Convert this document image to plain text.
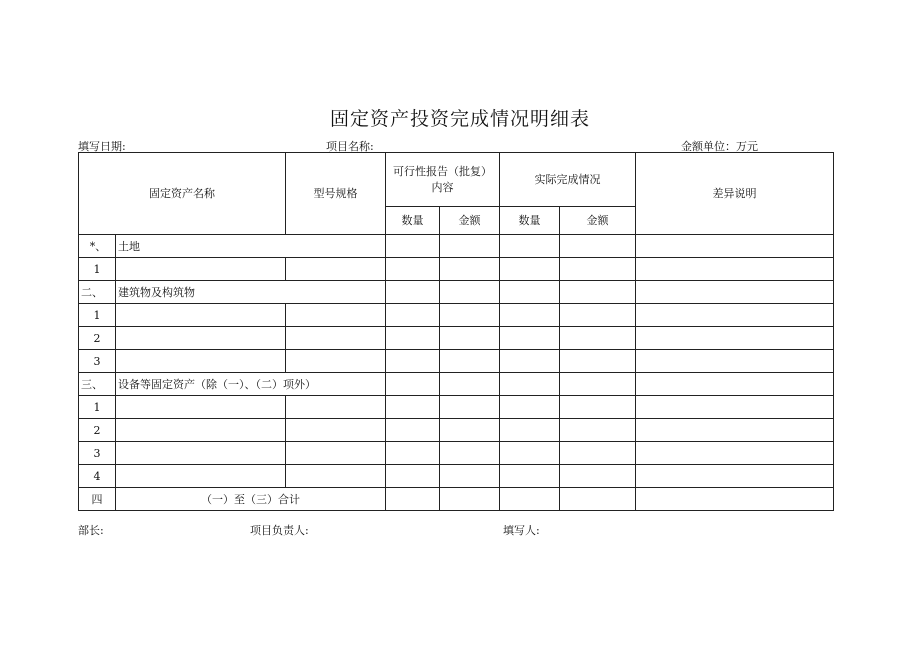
固定资产投资完成情况明细表
填写日期:	项目名称:	金额单位：万元
固定资产名称		型号规格	可行性报告（批复）内容		实际完成情况		差异说明
			数量	金额	数量	金额	
*、	土地						
1							
二、	建筑物及构筑物						
1							
2							
3							
三、	设备等固定资产（除（一）、（二）项外）						
1							
2							
3							
4							
四	（一）至（三）合计						
部长:	项目负责人:	填写人:
